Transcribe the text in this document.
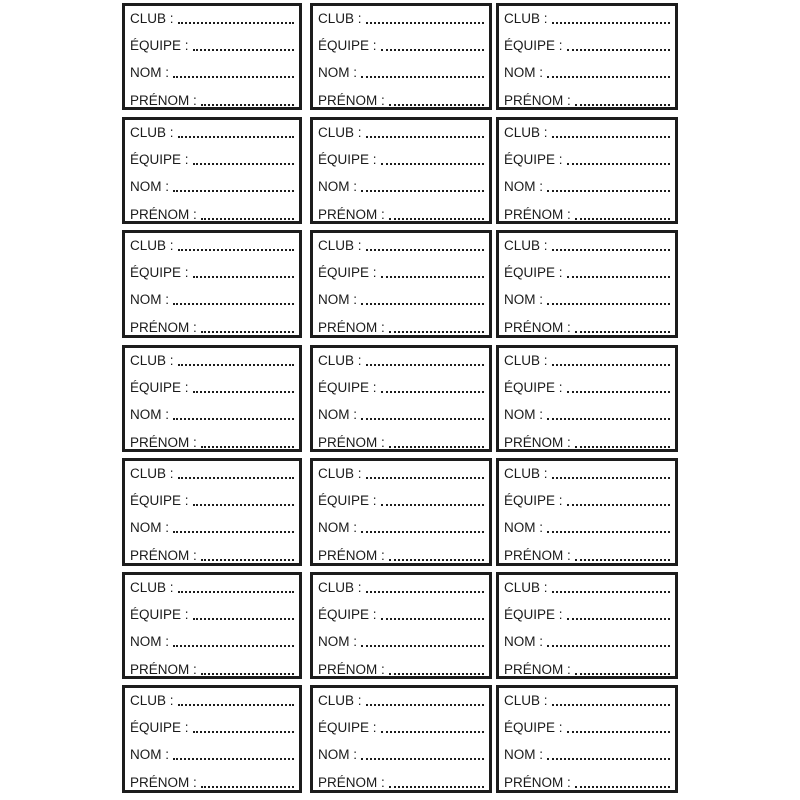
CLUB :
ÉQUIPE :
NOM :
PRÉNOM :
CLUB :
ÉQUIPE :
NOM :
PRÉNOM :
CLUB :
ÉQUIPE :
NOM :
PRÉNOM :
CLUB :
ÉQUIPE :
NOM :
PRÉNOM :
CLUB :
ÉQUIPE :
NOM :
PRÉNOM :
CLUB :
ÉQUIPE :
NOM :
PRÉNOM :
CLUB :
ÉQUIPE :
NOM :
PRÉNOM :
CLUB :
ÉQUIPE :
NOM :
PRÉNOM :
CLUB :
ÉQUIPE :
NOM :
PRÉNOM :
CLUB :
ÉQUIPE :
NOM :
PRÉNOM :
CLUB :
ÉQUIPE :
NOM :
PRÉNOM :
CLUB :
ÉQUIPE :
NOM :
PRÉNOM :
CLUB :
ÉQUIPE :
NOM :
PRÉNOM :
CLUB :
ÉQUIPE :
NOM :
PRÉNOM :
CLUB :
ÉQUIPE :
NOM :
PRÉNOM :
CLUB :
ÉQUIPE :
NOM :
PRÉNOM :
CLUB :
ÉQUIPE :
NOM :
PRÉNOM :
CLUB :
ÉQUIPE :
NOM :
PRÉNOM :
CLUB :
ÉQUIPE :
NOM :
PRÉNOM :
CLUB :
ÉQUIPE :
NOM :
PRÉNOM :
CLUB :
ÉQUIPE :
NOM :
PRÉNOM :
